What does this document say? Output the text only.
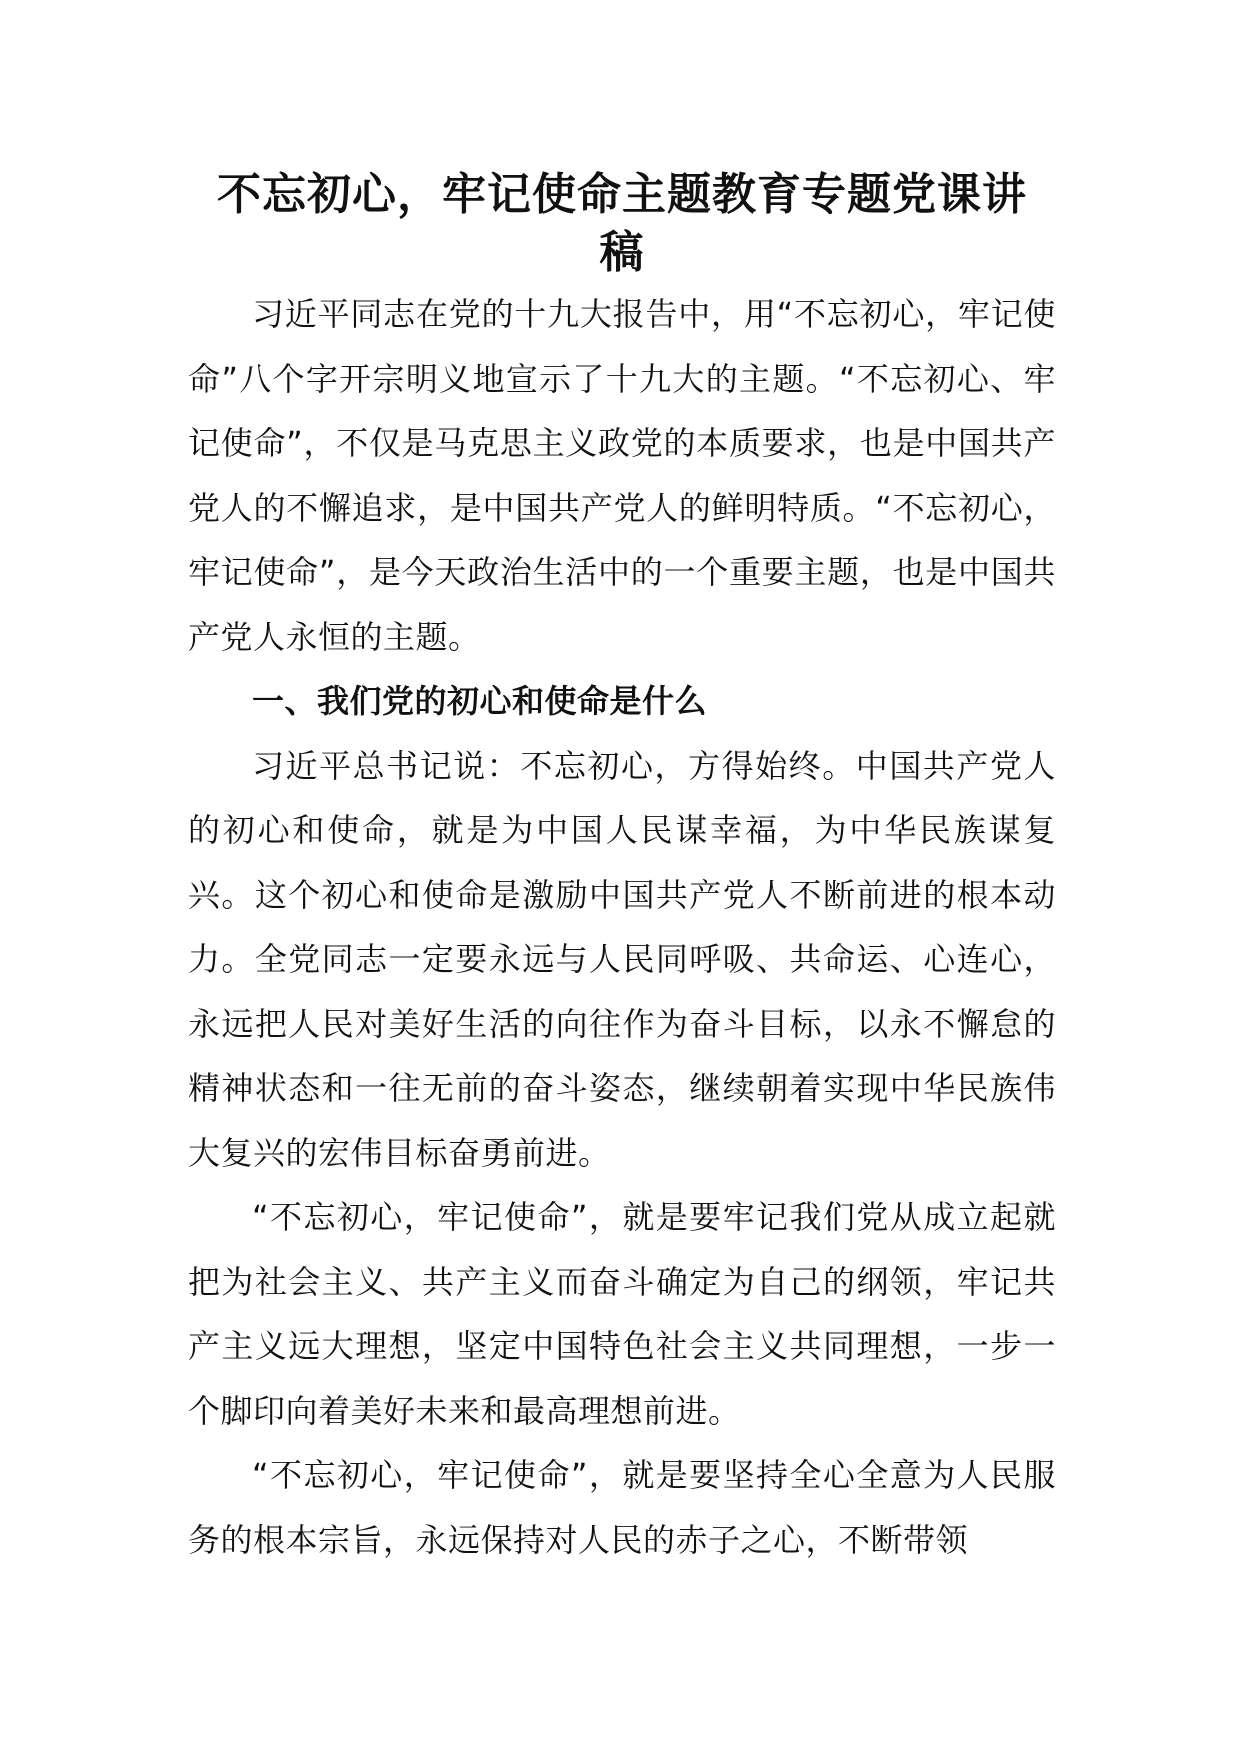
不忘初心，牢记使命主题教育专题党课讲
稿

习近平同志在党的十九大报告中，用“不忘初心，牢记使命”八个字开宗明义地宣示了十九大的主题。“不忘初心、牢记使命”，不仅是马克思主义政党的本质要求，也是中国共产党人的不懈追求，是中国共产党人的鲜明特质。“不忘初心，牢记使命”，是今天政治生活中的一个重要主题，也是中国共产党人永恒的主题。

一、我们党的初心和使命是什么

习近平总书记说：不忘初心，方得始终。中国共产党人的初心和使命，就是为中国人民谋幸福，为中华民族谋复兴。这个初心和使命是激励中国共产党人不断前进的根本动力。全党同志一定要永远与人民同呼吸、共命运、心连心，永远把人民对美好生活的向往作为奋斗目标，以永不懈怠的精神状态和一往无前的奋斗姿态，继续朝着实现中华民族伟大复兴的宏伟目标奋勇前进。

“不忘初心，牢记使命”，就是要牢记我们党从成立起就把为社会主义、共产主义而奋斗确定为自己的纲领，牢记共产主义远大理想，坚定中国特色社会主义共同理想，一步一个脚印向着美好未来和最高理想前进。

“不忘初心，牢记使命”，就是要坚持全心全意为人民服务的根本宗旨，永远保持对人民的赤子之心，不断带领
